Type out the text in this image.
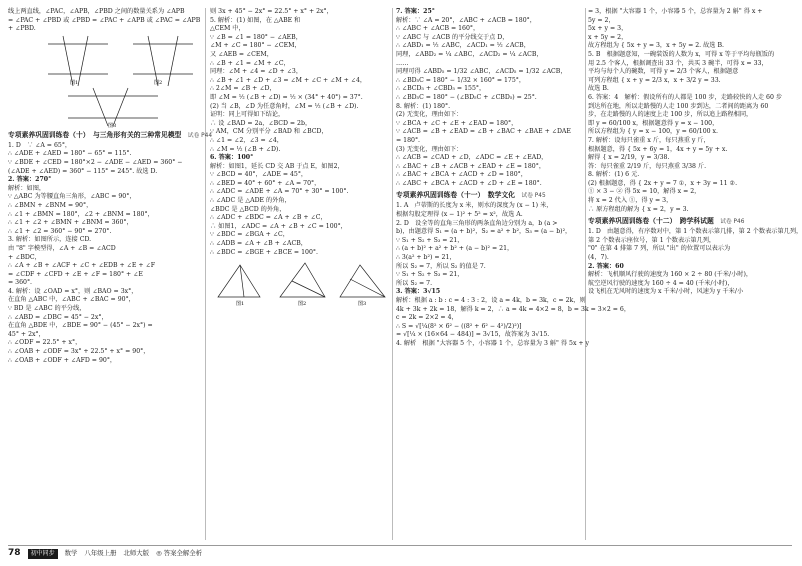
线上两直线，∠PAC，∠APB，∠PBD 之间的数量关系为 ∠APB
= ∠PAC + ∠PBD 或 ∠PBD = ∠PAC + ∠APB 或 ∠PAC = ∠APB
+ ∠PBD.
图1	图2
图3
专项素养巩固训练卷（十）　与三角形有关的三种常见模型 试卷 P44
1. D　∵ ∠A = 65°，
∴ ∠ADE + ∠AED = 180° − 65° = 115°.
∵ ∠BDE + ∠CED = 180°×2 − ∠ADE − ∠AED = 360° −
(∠ADE + ∠AED) = 360° − 115° = 245°. 故选 D.
2. 答案：270°
解析：如图，
∵ △ABC 为等腰直角三角形，∠ABC = 90°，
∴ ∠BMN + ∠BNM = 90°，
∴ ∠1 + ∠BMN = 180°，∠2 + ∠BNM = 180°，
∴ ∠1 + ∠2 + ∠BMN + ∠BNM = 360°，
∴ ∠1 + ∠2 = 360° − 90° = 270°.
3. 解析：如图所示，连接 CD.
由 "8" 字模型得，∠A + ∠B = ∠ACD
+ ∠BDC，
∴ ∠A + ∠B + ∠ACF + ∠C + ∠EDB + ∠E + ∠F
= ∠CDF + ∠CFD + ∠E + ∠F = 180° + ∠E
= 360°.
4. 解析：设 ∠OAD = x°，则 ∠BAO = 3x°，
在直角 △ABC 中，∠ABC + ∠BAC = 90°，
∵ BD 是 ∠ABC 的平分线，
∴ ∠ABD = ∠DBC = 45° − 2x°，
在直角 △BDE 中，∠BDE = 90° − (45° − 2x°) =
45° + 2x°，
∴ ∠ODF = 22.5° + x°，
∴ ∠OAB + ∠ODF = 3x° + 22.5° + x° = 90°，
∴ ∠OAB + ∠ODF + ∠AFD = 90°，
则 3x + 45° − 2x° = 22.5° + x° + 2x°，
5. 解析：(1) 如图，在 △ABE 和
△CEM 中，
∵ ∠B = ∠1 = 180° − ∠AEB，
∠M + ∠C = 180° − ∠CEM，
又 ∠AEB = ∠CEM，
∴ ∠B + ∠1 = ∠M + ∠C，
同理：∠M + ∠4 = ∠D + ∠3，
∴ ∠B + ∠1 + ∠D + ∠3 = ∠M + ∠C + ∠M + ∠4，
∴ 2∠M = ∠B + ∠D，
即 ∠M = ½ (∠B + ∠D) = ½ × (34° + 40°) = 37°.
(2) 当 ∠B，∠D 为任意角时，∠M = ½ (∠B + ∠D).
证明：同上可得如下结论，
∴ 设 ∠BAD = 2a，∠BCD = 2b，
∵ AM，CM 分别平分 ∠BAD 和 ∠BCD，
∴ ∠1 = ∠2，∠3 = ∠4，
∴ ∠M = ½ (∠B + ∠D).
6. 答案：100°
解析：如图1，延长 CD 交 AB 于点 E，如图2，
∵ ∠BCD = 40°，∠ADE = 45°，
∴ ∠BED = 40° + 60° + ∠A = 70°，
∴ ∠ADC = ∠ADE + ∠A = 70° + 30° = 100°.
∴ ∠ADC 是 △ADE 的外角，
∠BDC 是 △BCD 的外角，
∴ ∠ADC + ∠BDC = ∠A + ∠B + ∠C，
∴ 如图1，∠ADC = ∠A + ∠B + ∠C = 100°，
∵ ∠BDC = ∠BGA + ∠C，
∴ ∠ADB = ∠A + ∠B + ∠ACB，
∴ ∠BDC = ∠BGE + ∠BCE = 100°.
图1	图2	图3
7. 答案：25°
解析：∵ ∠A = 20°，∠ABC + ∠ACB = 180°，
∴ ∠ABC + ∠ACB = 160°，
∵ ∠ABC 与 ∠ACB 的平分线交于点 D，
∴ ∠ABD₁ = ½ ∠ABC，∠ACD₁ = ½ ∠ACB，
同理，∠ABD₂ = ¼ ∠ABC，∠ACD₂ = ¼ ∠ACB，
……
同理可得 ∠ABD₅ = 1/32 ∠ABC，∠ACD₅ = 1/32 ∠ACB，
∴ ∠BD₅C = 180° − 1/32 × 160° = 175°，
∴ ∠BCD₅ + ∠CBD₅ = 155°，
∴ ∠BD₅C = 180° − (∠BD₅C + ∠CBD₅) = 25°.
8. 解析：(1) 180°.
(2) 无变化，理由如下：
∵ ∠BCA + ∠C + ∠E + ∠EAD = 180°，
∵ ∠ACB = ∠B + ∠EAD = ∠B + ∠BAC + ∠BAE + ∠DAE
= 180°.
(3) 无变化，理由如下：
∴ ∠ACB = ∠CAD + ∠D，∠ADC = ∠E + ∠EAD，
∴ ∠BAC + ∠B + ∠ACB + ∠EAD + ∠E = 180°，
∴ ∠BAC + ∠BCA + ∠ACD + ∠D = 180°，
∴ ∠ABC + ∠BCA + ∠ACD + ∠D + ∠E = 180°.
专项素养巩固训练卷（十一）　数学文化 试卷 P45
1. A　卢蒂斯的长度为 x 米，则水的深度为 (x − 1) 米，
根据勾股定理得 (x − 1)² + 5² = x²，故选 A.
2. D　设全等的直角三角形的两条直角边分别为 a，b (a >
b)，由题意得 S₁ = (a + b)²，S₂ = a² + b²，S₃ = (a − b)²，
∵ S₁ + S₂ + S₃ = 21，
∴ (a + b)² + a² + b² + (a − b)² = 21，
∴ 3(a² + b²) = 21，
所以 S₂ = 7，所以 S₂ 的值是 7.
∵ S₁ + S₂ + S₃ = 21，
所以 S₂ = 7.
3. 答案：3√15
解析：根据 a : b : c = 4 : 3 : 2，设 a = 4k，b = 3k，c = 2k，则
4k + 3k + 2k = 18，解得 k = 2，∴ a = 4k = 4×2 = 8，b = 3k = 3×2 = 6，
c = 2k = 2×2 = 4，
∴ S = √[¼(8² × 6² − ((8² + 6² − 4²)/2)²)]
= √[¼ × (16×64 − 484)] = 3√15，故答案为 3√15.
4. 解析　根据 "大容器 5 个，小容器 1 个，总容量为 3 斛" 得 5x + y
= 3，根据 "大容器 1 个，小容器 5 个，总容量为 2 斛" 得 x +
5y = 2，
5x + y = 3，
x + 5y = 2，
故方程组为 { 5x + y = 3，x + 5y = 2. 故选 B.
5. B　根据题意知，一碗装饭的人数为 x，可得 x 等于平均每瓶饭的
用 2.5 个客人，根据调查出 33 个，共买 3 碗半，可得 x = 33，
平均与每个人的碗数，可得 y = 2/3 个客人，根据题意
可列方程组 { x + y = 2/3 x，x + 3/2 y = 33.
故选 B.
6. 答案：4　解析：假设所有的人都是 100 步，走路较快的人走 60 步
到达所在地，所以走路慢的人走 100 步到达，二者间的距离为 60
步，在走路慢的人的速度上走 100 步，所以追上路程相同，
即 y = 60/100 x，根据题意得 y = x − 100，
所以方程组为 { y = x − 100，y = 60/100 x.
7. 解析：设每只雀重 x 斤，每只燕重 y 斤，
根据题意，得 { 5x + 6y = 1，4x + y = 5y + x.
解得 { x = 2/19，y = 3/38.
答：每只雀重 2/19 斤，每只燕重 3/38 斤.
8. 解析：(1) 6 元.
(2) 根据题意，得 { 2x + y = 7 ①，x + 3y = 11 ②.
① × 3 − ② 得 5x = 10，解得 x = 2，
将 x = 2 代入 ①，得 y = 3，
∴ 原方程组的解为 { x = 2，y = 3.
专项素养巩固训练卷（十二）　跨学科试题 试卷 P46
1. D　由题意得，有序数对中，第 1 个数表示第几排，第 2 个数表示第几列，
第 2 个数表示座位号，第 1 个数表示第几列，
"0" 在第 4 排第 7 列，所以 "出" 的位置可以表示为
(4，7).
2. 答案：60
解析：飞机顺风行驶的速度为 160 × 2 ÷ 80 (千米/小时)，
航空逆风行驶的速度为 160 ÷ 4 = 40 (千米/小时)，
设飞机在无风时的速度为 x 千米/小时，风速为 y 千米/小
78 初中同步 数学 八年级上册 北师大版 ◎ 答案全解全析
